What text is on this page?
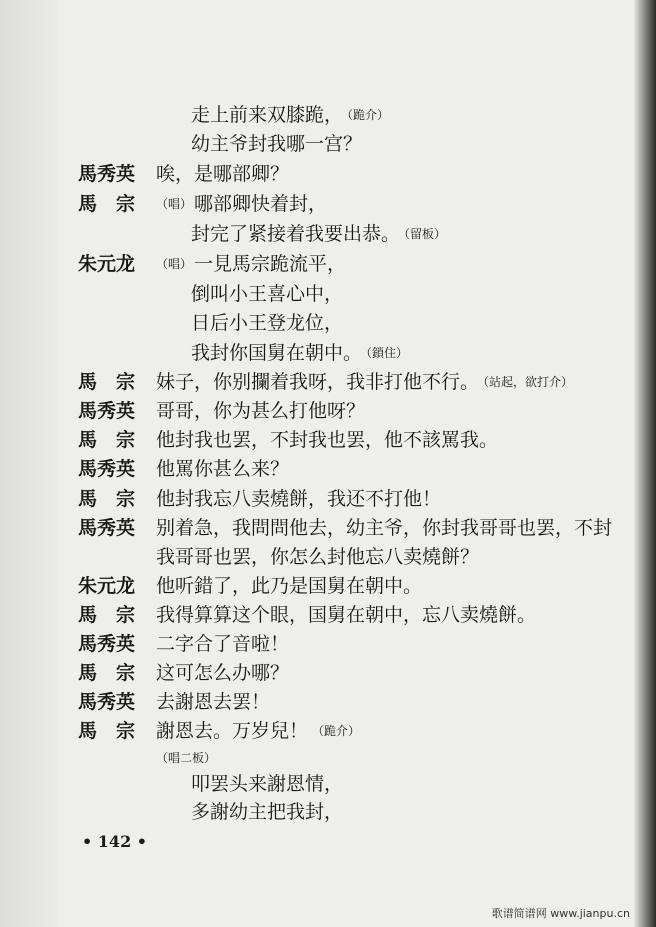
走上前来双膝跪， （跪介）
幼主爷封我哪一宫？
馬秀英 唉，是哪部卿？
馬　宗 （唱） 哪部卿快着封，
封完了紧接着我要出恭。 （留板）
朱元龙 （唱） 一見馬宗跪流平，
倒叫小王喜心中，
日后小王登龙位，
我封你国舅在朝中。 （鎖住）
馬　宗 妹子，你别攔着我呀，我非打他不行。 （站起，欲打介）
馬秀英 哥哥，你为甚么打他呀？
馬　宗 他封我也罢，不封我也罢，他不該罵我。
馬秀英 他罵你甚么来？
馬　宗 他封我忘八卖燒餅，我还不打他！
馬秀英 别着急，我問問他去，幼主爷，你封我哥哥也罢，不封
我哥哥也罢，你怎么封他忘八卖燒餅？
朱元龙 他听錯了，此乃是国舅在朝中。
馬　宗 我得算算这个眼，国舅在朝中，忘八卖燒餅。
馬秀英 二字合了音啦！
馬　宗 这可怎么办哪？
馬秀英 去謝恩去罢！
馬　宗 謝恩去。万岁兒！ （跪介）
（唱二板）
叩罢头来謝恩情，
多謝幼主把我封，
• 142 •
歌谱简谱网 www.jianpu.cn
